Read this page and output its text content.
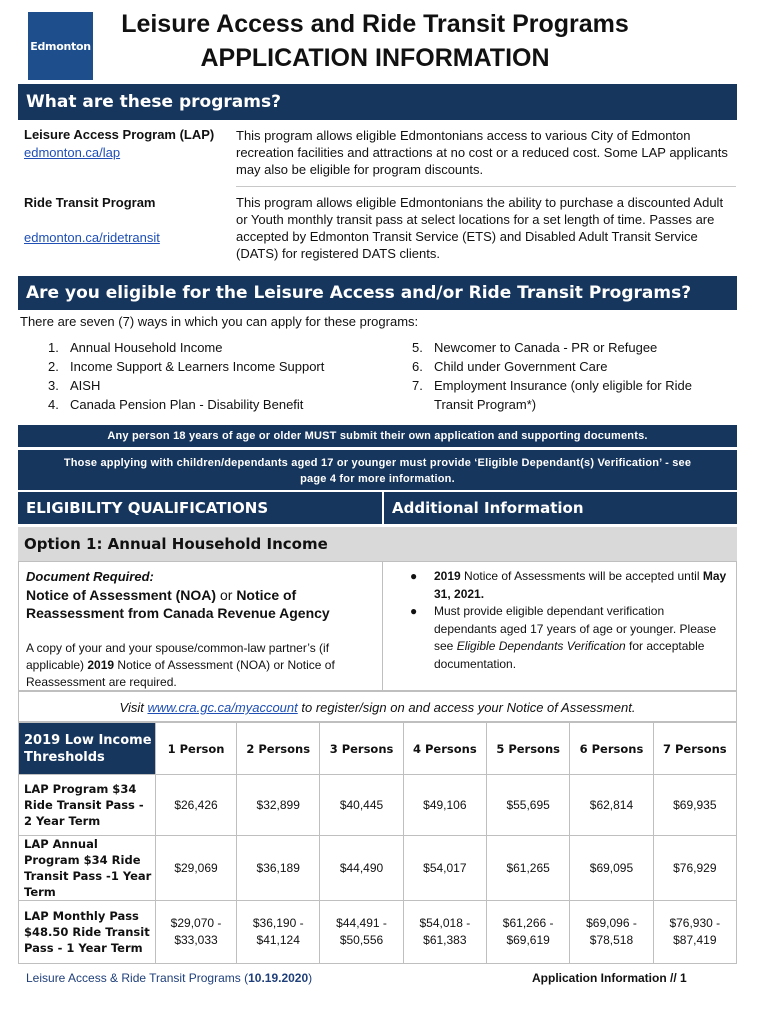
Edmonton
Leisure Access and Ride Transit Programs
APPLICATION INFORMATION
What are these programs?
Leisure Access Program (LAP)
edmonton.ca/lap
This program allows eligible Edmontonians access to various City of Edmonton recreation facilities and attractions at no cost or a reduced cost. Some LAP applicants may also be eligible for program discounts.
Ride Transit Program
edmonton.ca/ridetransit
This program allows eligible Edmontonians the ability to purchase a discounted Adult or Youth monthly transit pass at select locations for a set length of time. Passes are accepted by Edmonton Transit Service (ETS) and Disabled Adult Transit Service (DATS) for registered DATS clients.
Are you eligible for the Leisure Access and/or Ride Transit Programs?
There are seven (7) ways in which you can apply for these programs:
1. Annual Household Income
2. Income Support & Learners Income Support
3. AISH
4. Canada Pension Plan - Disability Benefit
5. Newcomer to Canada - PR or Refugee
6. Child under Government Care
7. Employment Insurance (only eligible for Ride
Transit Program*)
Any person 18 years of age or older MUST submit their own application and supporting documents.
Those applying with children/dependants aged 17 or younger must provide ‘Eligible Dependant(s) Verification’ - see
page 4 for more information.
ELIGIBILITY QUALIFICATIONS	Additional Information
Option 1: Annual Household Income
Document Required:
Notice of Assessment (NOA) or Notice of Reassessment from Canada Revenue Agency
A copy of your and your spouse/common-law partner’s (if applicable) 2019 Notice of Assessment (NOA) or Notice of Reassessment are required.
●	2019 Notice of Assessments will be accepted until May 31, 2021.
●	Must provide eligible dependant verification dependants aged 17 years of age or younger. Please see Eligible Dependants Verification for acceptable documentation.
Visit www.cra.gc.ca/myaccount to register/sign on and access your Notice of Assessment.
2019 Low Income Thresholds	1 Person	2 Persons	3 Persons	4 Persons	5 Persons	6 Persons	7 Persons
LAP Program $34 Ride Transit Pass - 2 Year Term	$26,426	$32,899	$40,445	$49,106	$55,695	$62,814	$69,935
LAP Annual Program $34 Ride Transit Pass -1 Year Term	$29,069	$36,189	$44,490	$54,017	$61,265	$69,095	$76,929
LAP Monthly Pass $48.50 Ride Transit Pass - 1 Year Term	$29,070 - $33,033	$36,190 - $41,124	$44,491 - $50,556	$54,018 - $61,383	$61,266 - $69,619	$69,096 - $78,518	$76,930 - $87,419
Leisure Access & Ride Transit Programs (10.19.2020)	Application Information // 1
